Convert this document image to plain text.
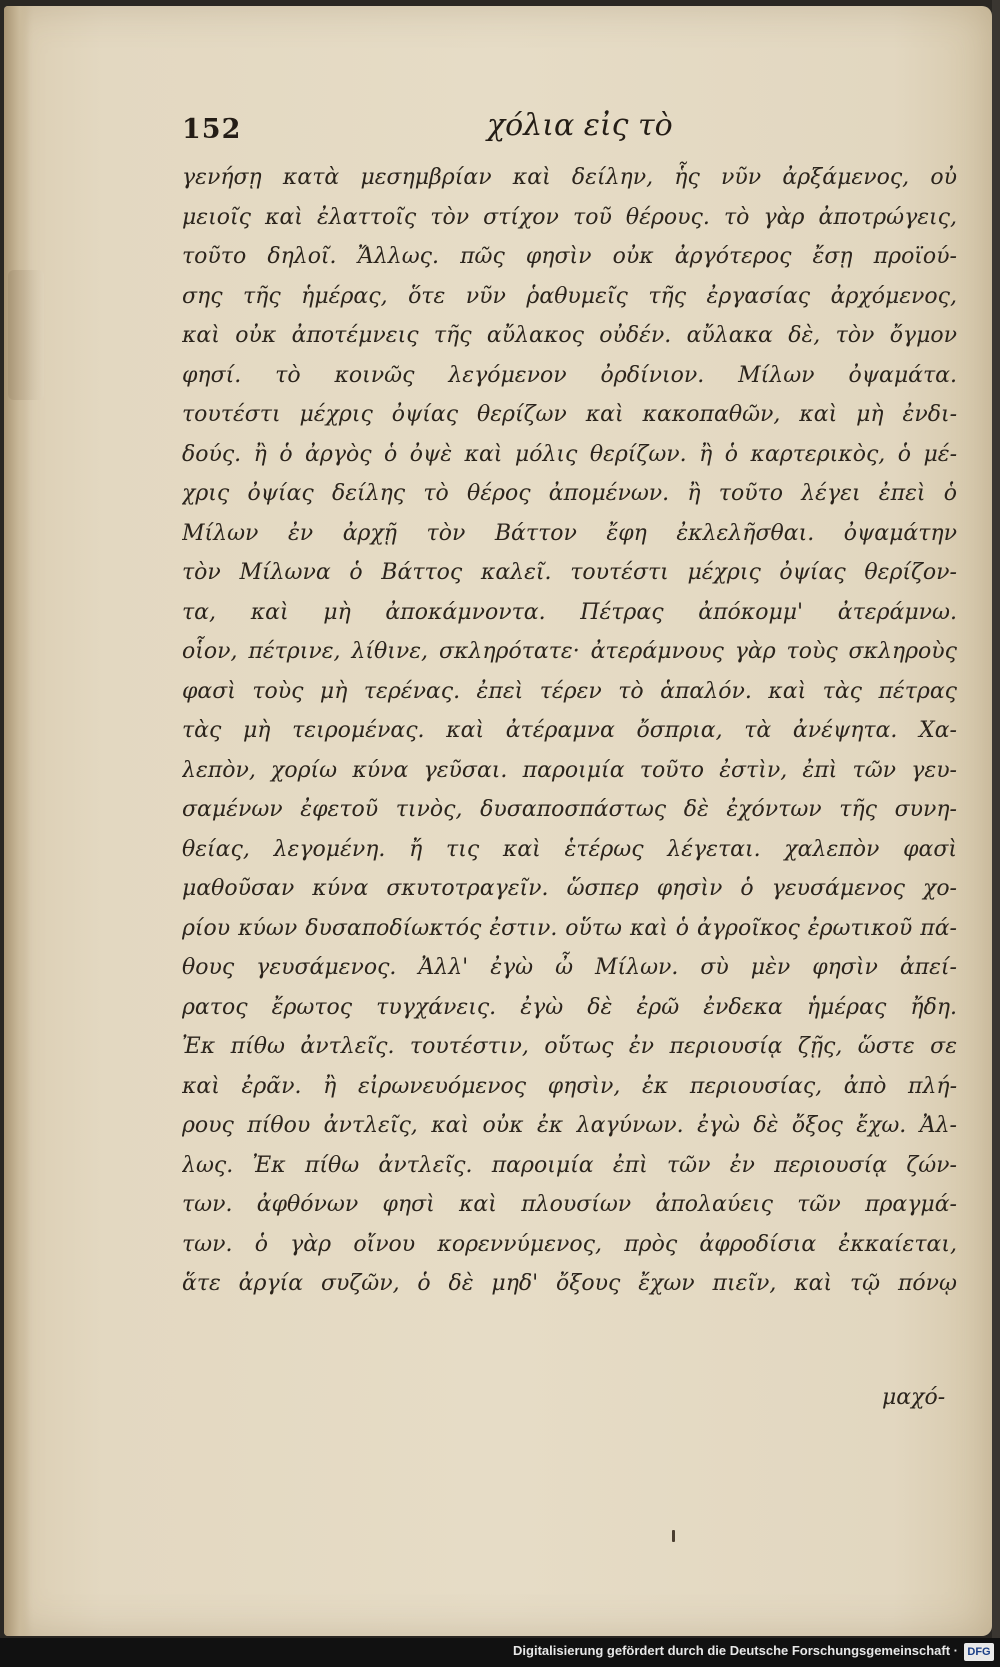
152	χόλια εἰς τὸ
γενήσῃ κατὰ μεσημβρίαν καὶ δείλην, ἧς νῦν ἀρξάμενος, οὐ
μειοῖς καὶ ἐλαττοῖς τὸν στίχον τοῦ θέρους. τὸ γὰρ ἀποτρώγεις,
τοῦτο δηλοῖ. Ἄλλως. πῶς φησὶν οὐκ ἀργότερος ἔσῃ προϊού-
σης τῆς ἡμέρας, ὅτε νῦν ῥαθυμεῖς τῆς ἐργασίας ἀρχόμενος,
καὶ οὐκ ἀποτέμνεις τῆς αὔλακος οὐδέν. αὔλακα δὲ, τὸν ὄγμον
φησί. τὸ κοινῶς λεγόμενον ὀρδίνιον. Μίλων ὀψαμάτα.
τουτέστι μέχρις ὀψίας θερίζων καὶ κακοπαθῶν, καὶ μὴ ἐνδι-
δούς. ἢ ὁ ἀργὸς ὁ ὀψὲ καὶ μόλις θερίζων. ἢ ὁ καρτερικὸς, ὁ μέ-
χρις ὀψίας δείλης τὸ θέρος ἀπομένων. ἢ τοῦτο λέγει ἐπεὶ ὁ
Μίλων ἐν ἀρχῇ τὸν Βάττον ἔφη ἐκλελῆσθαι. ὀψαμάτην
τὸν Μίλωνα ὁ Βάττος καλεῖ. τουτέστι μέχρις ὀψίας θερίζον-
τα, καὶ μὴ ἀποκάμνοντα. Πέτρας ἀπόκομμ' ἀτεράμνω.
οἷον, πέτρινε, λίθινε, σκληρότατε· ἀτεράμνους γὰρ τοὺς σκληροὺς
φασὶ τοὺς μὴ τερένας. ἐπεὶ τέρεν τὸ ἁπαλόν. καὶ τὰς πέτρας
τὰς μὴ τειρομένας. καὶ ἀτέραμνα ὄσπρια, τὰ ἀνέψητα. Χα-
λεπὸν, χορίω κύνα γεῦσαι. παροιμία τοῦτο ἐστὶν, ἐπὶ τῶν γευ-
σαμένων ἐφετοῦ τινὸς, δυσαποσπάστως δὲ ἐχόντων τῆς συνη-
θείας, λεγομένη. ἤ τις καὶ ἑτέρως λέγεται. χαλεπὸν φασὶ
μαθοῦσαν κύνα σκυτοτραγεῖν. ὥσπερ φησὶν ὁ γευσάμενος χο-
ρίου κύων δυσαποδίωκτός ἐστιν. οὕτω καὶ ὁ ἀγροῖκος ἐρωτικοῦ πά-
θους γευσάμενος. Ἀλλ' ἐγὼ ὦ Μίλων. σὺ μὲν φησὶν ἀπεί-
ρατος ἔρωτος τυγχάνεις. ἐγὼ δὲ ἐρῶ ἐνδεκα ἡμέρας ἤδη.
Ἐκ πίθω ἀντλεῖς. τουτέστιν, οὕτως ἐν περιουσίᾳ ζῇς, ὥστε σε
καὶ ἐρᾶν. ἢ εἰρωνευόμενος φησὶν, ἐκ περιουσίας, ἀπὸ πλή-
ρους πίθου ἀντλεῖς, καὶ οὐκ ἐκ λαγύνων. ἐγὼ δὲ ὄξος ἔχω. Ἀλ-
λως. Ἐκ πίθω ἀντλεῖς. παροιμία ἐπὶ τῶν ἐν περιουσίᾳ ζών-
των. ἀφθόνων φησὶ καὶ πλουσίων ἀπολαύεις τῶν πραγμά-
των. ὁ γὰρ οἴνου κορεννύμενος, πρὸς ἀφροδίσια ἐκκαίεται,
ἅτε ἀργία συζῶν, ὁ δὲ μηδ' ὄξους ἔχων πιεῖν, καὶ τῷ πόνῳ
μαχό-
Digitalisierung gefördert durch die Deutsche Forschungsgemeinschaft · DFG
